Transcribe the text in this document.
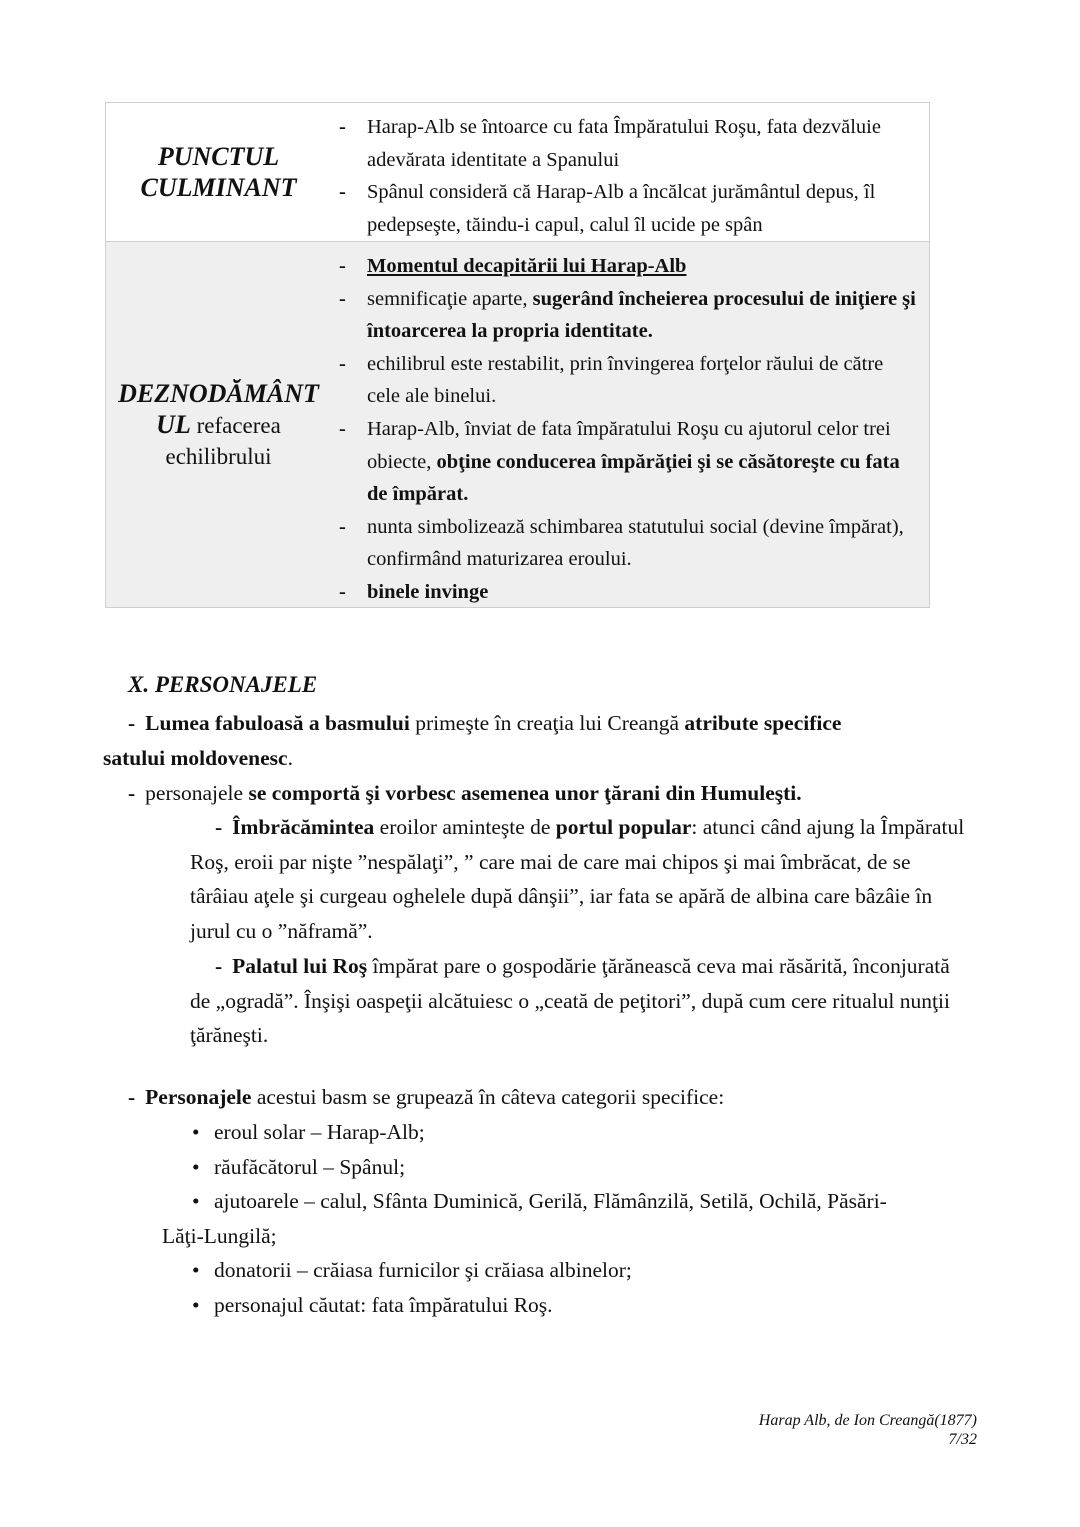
PUNCTUL
CULMINANT
- Harap-Alb se întoarce cu fata Împăratului Roşu, fata dezvăluie adevărata identitate a Spanului
- Spânul consideră că Harap-Alb a încălcat jurământul depus, îl pedepseşte, tăindu-i capul, calul îl ucide pe spân
DEZNODĂMÂNT
UL refacerea
echilibrului
- Momentul decapitării lui Harap-Alb
- semnificaţie aparte, sugerând încheierea procesului de iniţiere şi întoarcerea la propria identitate.
- echilibrul este restabilit, prin învingerea forţelor răului de către cele ale binelui.
- Harap-Alb, înviat de fata împăratului Roşu cu ajutorul celor trei obiecte, obţine conducerea împărăţiei şi se căsătoreşte cu fata de împărat.
- nunta simbolizează schimbarea statutului social (devine împărat), confirmând maturizarea eroului.
- binele invinge
X. PERSONAJELE
- Lumea fabuloasă a basmului primeşte în creaţia lui Creangă atribute specifice
satului moldovenesc.
- personajele se comportă şi vorbesc asemenea unor ţărani din Humuleşti.
- Îmbrăcămintea eroilor aminteşte de portul popular: atunci când ajung la Împăratul Roş, eroii par nişte ”nespălaţi”, ” care mai de care mai chipos şi mai îmbrăcat, de se târâiau aţele şi curgeau oghelele după dânşii”, iar fata se apără de albina care bâzâie în jurul cu o ”năframă”.
- Palatul lui Roş împărat pare o gospodărie ţărănească ceva mai răsărită, înconjurată de „ogradă”. Înşişi oaspeţii alcătuiesc o „ceată de peţitori”, după cum cere ritualul nunţii ţărăneşti.
- Personajele acestui basm se grupează în câteva categorii specifice:
• eroul solar – Harap-Alb;
• răufăcătorul – Spânul;
• ajutoarele – calul, Sfânta Duminică, Gerilă, Flămânzilă, Setilă, Ochilă, Păsări-
Lăţi-Lungilă;
• donatorii – crăiasa furnicilor şi crăiasa albinelor;
• personajul căutat: fata împăratului Roş.
Harap Alb, de Ion Creangă(1877)
7/32
